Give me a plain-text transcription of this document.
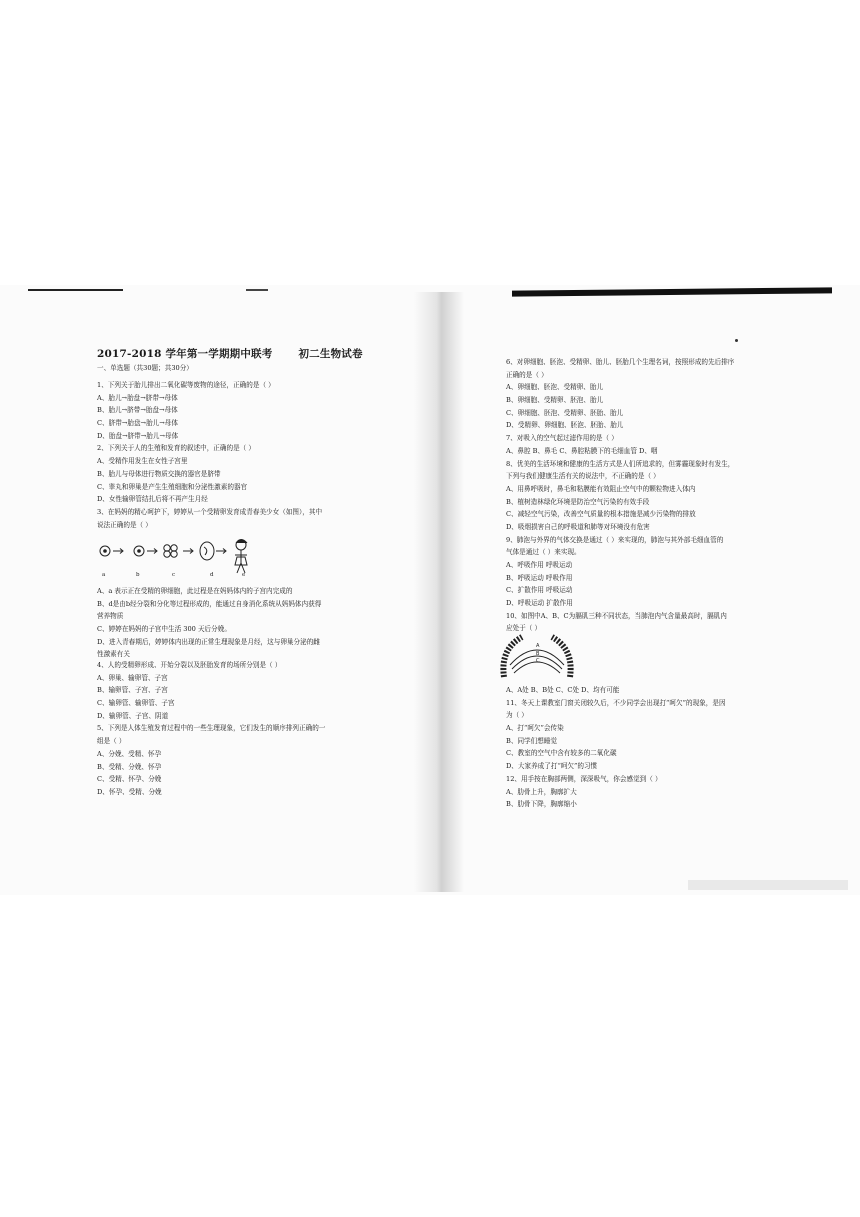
2017-2018 学年第一学期期中联考 初二生物试卷
一、单选题（共30题；共30分）
1、下列关于胎儿排出二氧化碳等废物的途径，正确的是（ ）
A、胎儿→胎盘→脐带→母体
B、胎儿→脐带→胎盘→母体
C、脐带→胎盘→胎儿→母体
D、胎盘→脐带→胎儿→母体
2、下列关于人的生殖和发育的叙述中，正确的是（ ）
A、受精作用发生在女性子宫里
B、胎儿与母体进行物质交换的器官是脐带
C、睾丸和卵巢是产生生殖细胞和分泌性激素的器官
D、女性输卵管结扎后将不再产生月经
3、在妈妈的精心呵护下，婷婷从一个受精卵发育成青春美少女（如图），其中
说法正确的是（ ）
a	b	c	d	e
A、a 表示正在受精的卵细胞，此过程是在妈妈体内的子宫内完成的
B、d是由b经分裂和分化等过程形成的，能通过自身消化系统从妈妈体内获得
营养物质
C、婷婷在妈妈的子宫中生活 300 天后分娩。
D、进入青春期后，婷婷体内出现的正常生理现象是月经，这与卵巢分泌的雌
性激素有关
4、人的受精卵形成、开始分裂以及胚胎发育的场所分别是（ ）
A、卵巢、输卵管、子宫
B、输卵管、子宫、子宫
C、输卵管、输卵管、子宫
D、输卵管、子宫、阴道
5、下列是人体生殖发育过程中的一些生理现象，它们发生的顺序排列正确的一
组是（ ）
A、分娩、受精、怀孕
B、受精、分娩、怀孕
C、受精、怀孕、分娩
D、怀孕、受精、分娩
6、对卵细胞、胚泡、受精卵、胎儿、胚胎几个生理名词，按照形成的先后排序
正确的是（ ）
A、卵细胞、胚泡、受精卵、胎儿
B、卵细胞、受精卵、胚泡、胎儿
C、卵细胞、胚泡、受精卵、胚胎、胎儿
D、受精卵、卵细胞、胚泡、胚胎、胎儿
7、对吸入的空气起过滤作用的是（ ）
A、鼻腔 B、鼻毛 C、鼻腔粘膜下的毛细血管 D、咽
8、优美的生活环境和健康的生活方式是人们所追求的，但雾霾现象时有发生，
下列与我们健康生活有关的说法中，不正确的是（ ）
A、用鼻呼吸时，鼻毛和粘膜能有效阻止空气中的颗粒物进入体内
B、植树造林绿化环境是防治空气污染的有效手段
C、减轻空气污染，改善空气质量的根本措施是减少污染物的排放
D、吸烟损害自己的呼吸道和肺等对环境没有危害
9、肺泡与外界的气体交换是通过（ ）来实现的，肺泡与其外部毛细血管的
气体是通过（ ）来实现。
A、呼吸作用 呼吸运动
B、呼吸运动 呼吸作用
C、扩散作用 呼吸运动
D、呼吸运动 扩散作用
10、如图中A、B、C为膈肌三种不同状态，当肺泡内气含量最高时，膈肌内
应处于（ ）
A
B
C
A、A处 B、B处 C、C处 D、均有可能
11、冬天上课教室门窗关闭较久后，不少同学会出现打“呵欠”的现象，是因
为（ ）
A、打“呵欠”会传染
B、同学们想睡觉
C、教室的空气中含有较多的二氧化碳
D、大家养成了打“呵欠”的习惯
12、用手按在胸部两侧，深深吸气，你会感觉到（ ）
A、肋骨上升，胸廓扩大
B、肋骨下降，胸廓缩小
